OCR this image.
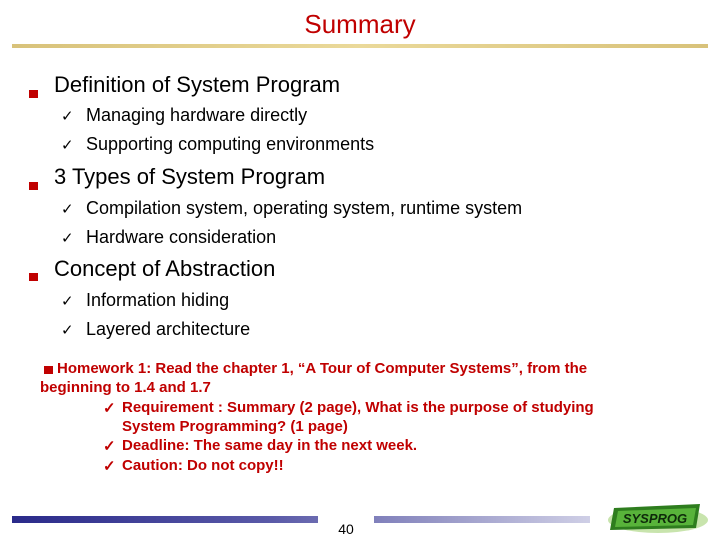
Summary
Definition of System Program
✓ Managing hardware directly
✓ Supporting computing environments
3 Types of System Program
✓ Compilation system, operating system, runtime system
✓ Hardware consideration
Concept of Abstraction
✓ Information hiding
✓ Layered architecture
Homework 1: Read the chapter 1, “A Tour of Computer Systems”, from the
beginning to 1.4 and 1.7
✓ Requirement : Summary (2 page), What is the purpose of studying
System Programming? (1 page)
✓ Deadline: The same day in the next week.
✓ Caution: Do not copy!!
40
SYSPROG
